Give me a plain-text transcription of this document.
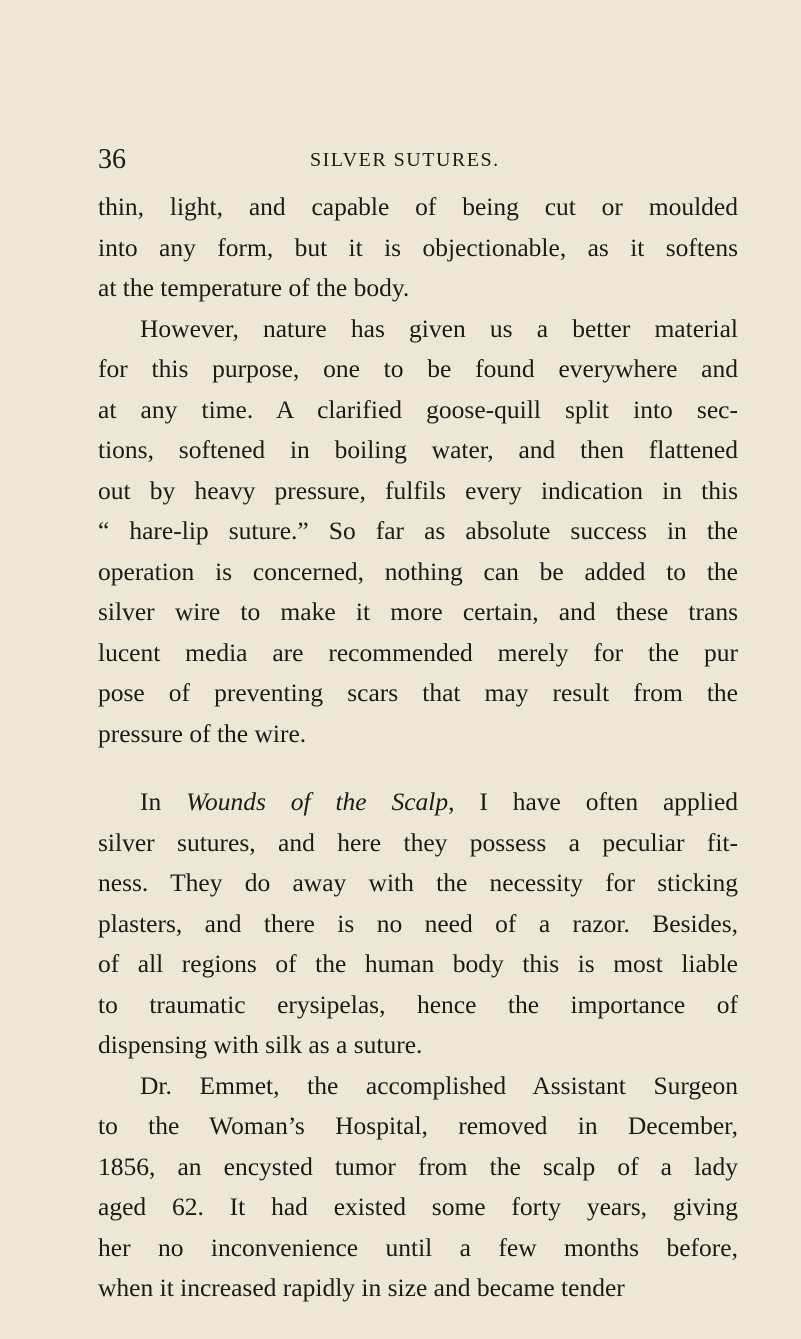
36	SILVER SUTURES.

thin, light, and capable of being cut or moulded
into any form, but it is objectionable, as it softens
at the temperature of the body.

However, nature has given us a better material
for this purpose, one to be found everywhere and
at any time. A clarified goose-quill split into sec-
tions, softened in boiling water, and then flattened
out by heavy pressure, fulfils every indication in this
“ hare-lip suture.” So far as absolute success in the
operation is concerned, nothing can be added to the
silver wire to make it more certain, and these trans
lucent media are recommended merely for the pur
pose of preventing scars that may result from the
pressure of the wire.

In Wounds of the Scalp, I have often applied
silver sutures, and here they possess a peculiar fit-
ness. They do away with the necessity for sticking
plasters, and there is no need of a razor. Besides,
of all regions of the human body this is most liable
to traumatic erysipelas, hence the importance of
dispensing with silk as a suture.

Dr. Emmet, the accomplished Assistant Surgeon
to the Woman’s Hospital, removed in December,
1856, an encysted tumor from the scalp of a lady
aged 62. It had existed some forty years, giving
her no inconvenience until a few months before,
when it increased rapidly in size and became tender
